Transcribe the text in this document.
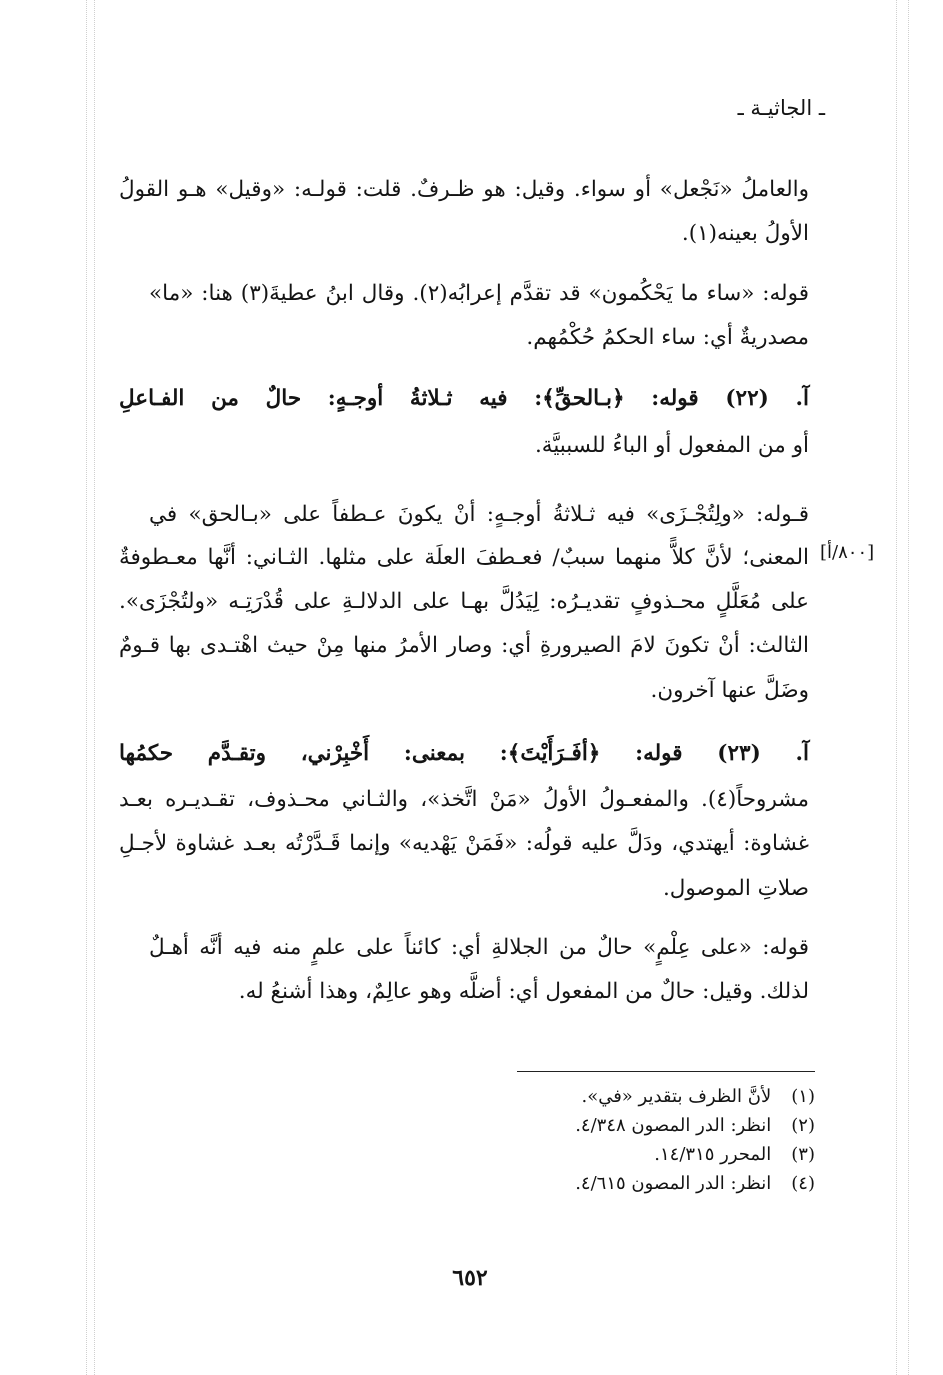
ـ الجاثيـة ـ
والعاملُ «نَجْعل» أو سواء. وقيل: هو ظـرفٌ. قلت: قولـه: «وقيل» هـو القولُ
الأولُ بعينه(١).
قوله: «ساء ما يَحْكُمون» قد تقدَّم إعرابُه(٢). وقال ابنُ عطيةَ(٣) هنا: «ما»
مصدريةٌ أي: ساء الحكمُ حُكْمُهم.
آ. (٢٢) قوله: ﴿بـالحقِّ﴾: فيه ثـلاثةُ أوجـهٍ: حالٌ من الفـاعلِ
أو من المفعول أو الباءُ للسببيَّة.
قـوله: «ولِتُجْـزَى» فيه ثـلاثةُ أوجـهٍ: أنْ يكونَ عـطفاً على «بـالحق» في
المعنى؛ لأنَّ كلاًّ منهما سببٌ/ فعـطفَ العلَة على مثلها. الثـاني: أنَّها معـطوفةٌ
على مُعَلَّلٍ محـذوفٍ تقديـرُه: لِيَدُلَّ بهـا على الدلالـةِ على قُدْرَتِـه «ولتُجْزَى».
الثالث: أنْ تكونَ لامَ الصيرورةِ أي: وصار الأمرُ منها مِنْ حيث اهْتـدى بها قـومٌ
وضَلَّ عنها آخرون.
آ. (٢٣) قوله: ﴿أفَـرَأَيْتَ﴾: بمعنى: أَخْبِرْني، وتقـدَّم حكمُها
مشروحاً(٤). والمفعـولُ الأولُ «مَنْ اتَّخذ»، والثـاني محـذوف، تقـديـره بعـد
غشاوة: أيهتدي، ودَلَّ عليه قولُه: «فَمَنْ يَهْديه» وإنما قَـدَّرْتُه بعـد غشاوة لأجـلِ
صلاتِ الموصول.
قوله: «على عِلْمٍ» حالٌ من الجلالةِ أي: كائناً على علمٍ منه فيه أنَّه أهـلٌ
لذلك. وقيل: حالٌ من المفعول أي: أضلَّه وهو عالِمٌ، وهذا أشنعُ له.
[٨٠٠/أ]
(١) لأنَّ الظرف بتقدير «في».
(٢) انظر: الدر المصون ٤/٣٤٨.
(٣) المحرر ١٤/٣١٥.
(٤) انظر: الدر المصون ٤/٦١٥.
٦٥٢
